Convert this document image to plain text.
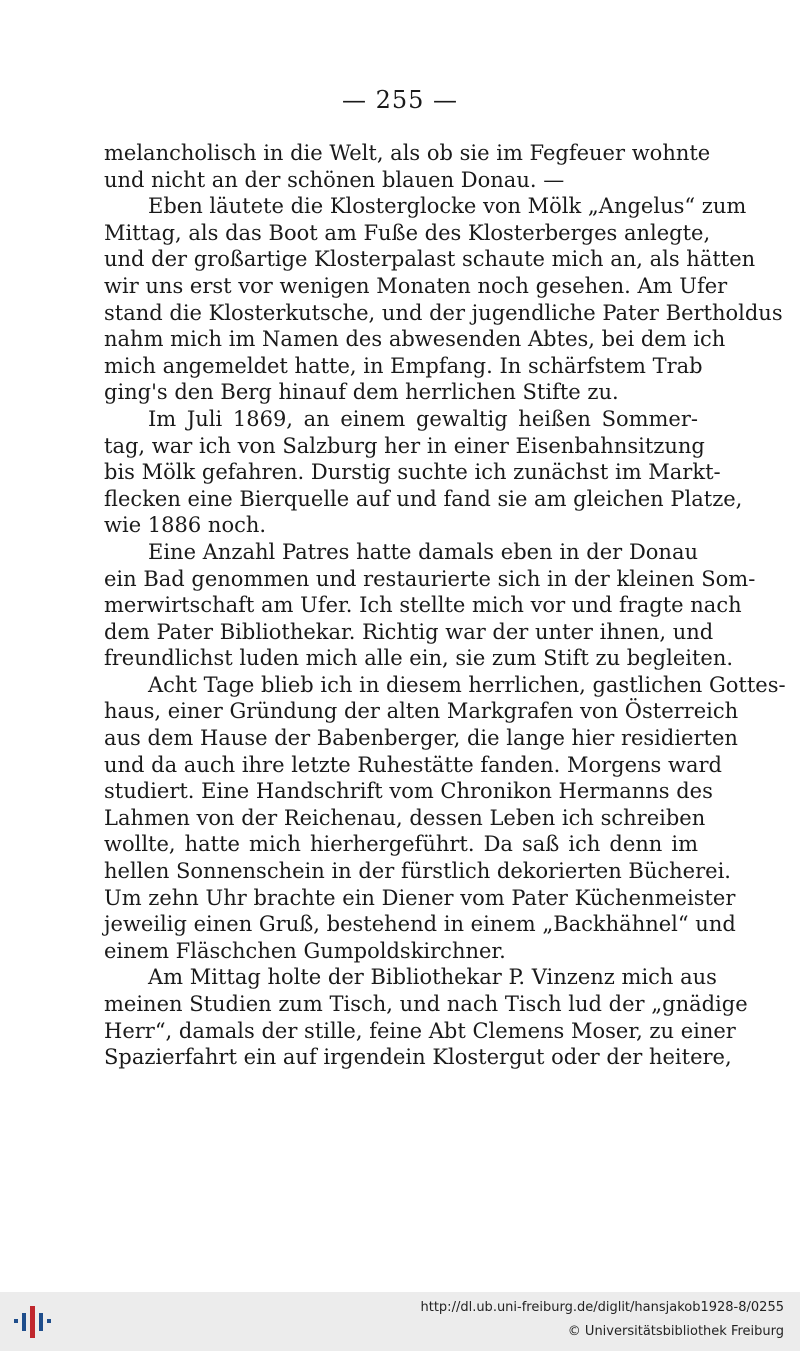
— 255 —
melancholisch in die Welt, als ob sie im Fegfeuer wohnte
und nicht an der schönen blauen Donau. —
Eben läutete die Klosterglocke von Mölk „Angelus“ zum
Mittag, als das Boot am Fuße des Klosterberges anlegte,
und der großartige Klosterpalast schaute mich an, als hätten
wir uns erst vor wenigen Monaten noch gesehen. Am Ufer
stand die Klosterkutsche, und der jugendliche Pater Bertholdus
nahm mich im Namen des abwesenden Abtes, bei dem ich
mich angemeldet hatte, in Empfang. In schärfstem Trab
ging's den Berg hinauf dem herrlichen Stifte zu.
Im Juli 1869, an einem gewaltig heißen Sommer-
tag, war ich von Salzburg her in einer Eisenbahnsitzung
bis Mölk gefahren. Durstig suchte ich zunächst im Markt-
flecken eine Bierquelle auf und fand sie am gleichen Platze,
wie 1886 noch.
Eine Anzahl Patres hatte damals eben in der Donau
ein Bad genommen und restaurierte sich in der kleinen Som-
merwirtschaft am Ufer. Ich stellte mich vor und fragte nach
dem Pater Bibliothekar. Richtig war der unter ihnen, und
freundlichst luden mich alle ein, sie zum Stift zu begleiten.
Acht Tage blieb ich in diesem herrlichen, gastlichen Gottes-
haus, einer Gründung der alten Markgrafen von Österreich
aus dem Hause der Babenberger, die lange hier residierten
und da auch ihre letzte Ruhestätte fanden. Morgens ward
studiert. Eine Handschrift vom Chronikon Hermanns des
Lahmen von der Reichenau, dessen Leben ich schreiben
wollte, hatte mich hierhergeführt. Da saß ich denn im
hellen Sonnenschein in der fürstlich dekorierten Bücherei.
Um zehn Uhr brachte ein Diener vom Pater Küchenmeister
jeweilig einen Gruß, bestehend in einem „Backhähnel“ und
einem Fläschchen Gumpoldskirchner.
Am Mittag holte der Bibliothekar P. Vinzenz mich aus
meinen Studien zum Tisch, und nach Tisch lud der „gnädige
Herr“, damals der stille, feine Abt Clemens Moser, zu einer
Spazierfahrt ein auf irgendein Klostergut oder der heitere,
http://dl.ub.uni-freiburg.de/diglit/hansjakob1928-8/0255
© Universitätsbibliothek Freiburg
